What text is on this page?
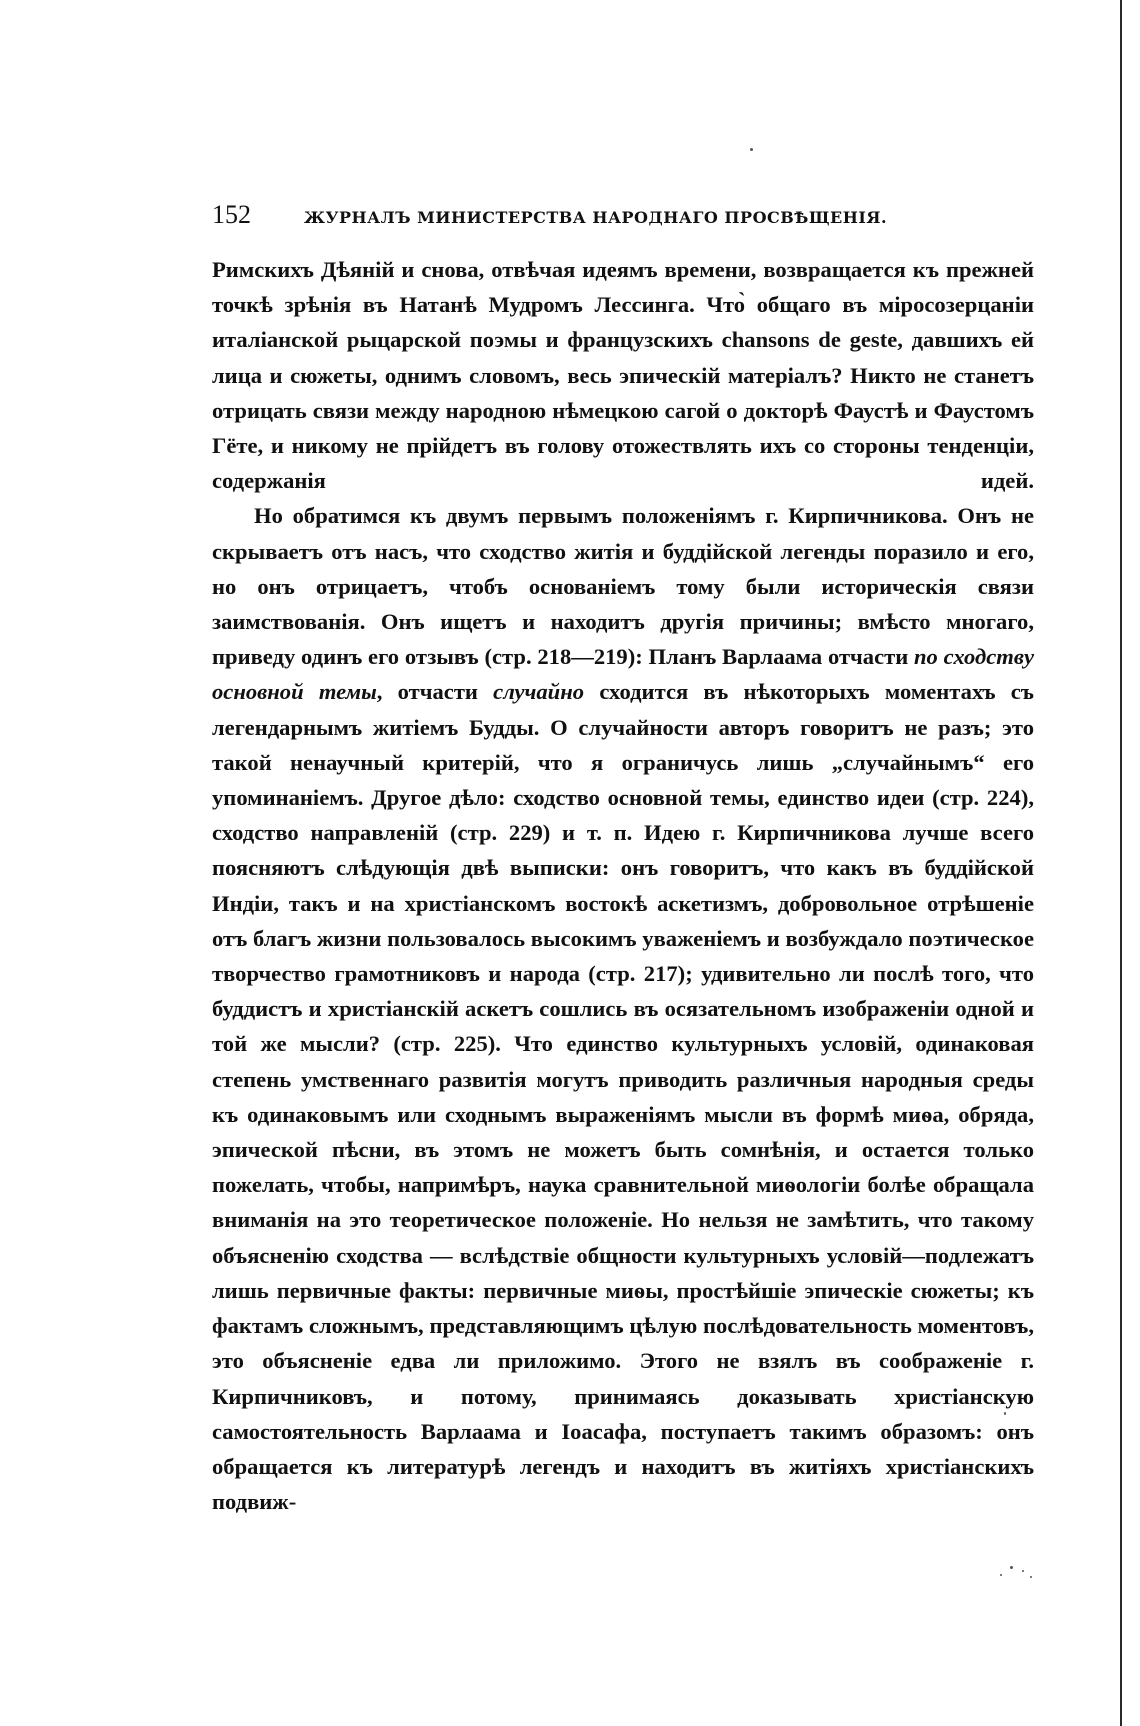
152	ЖУРНАЛЪ МИНИСТЕРСТВА НАРОДНАГО ПРОСВѢЩЕНІЯ.

Римскихъ Дѣяній и снова, отвѣчая идеямъ времени, возвращается къ прежней точкѣ зрѣнія въ Натанѣ Мудромъ Лессинга. Что̀ общаго въ міросозерцаніи италіанской рыцарской поэмы и французскихъ chansons de geste, давшихъ ей лица и сюжеты, однимъ словомъ, весь эпическій матеріалъ? Никто не станетъ отрицать связи между народною нѣмецкою сагой о докторѣ Фаустѣ и Фаустомъ Гёте, и никому не прійдетъ въ голову отожествлять ихъ со стороны тенденціи, содержанія идей.

Но обратимся къ двумъ первымъ положеніямъ г. Кирпичникова. Онъ не скрываетъ отъ насъ, что сходство житія и буддійской легенды поразило и его, но онъ отрицаетъ, чтобъ основаніемъ тому были историческія связи заимствованія. Онъ ищетъ и находитъ другія причины; вмѣсто многаго, приведу одинъ его отзывъ (стр. 218—219): Планъ Варлаама отчасти по сходству основной темы, отчасти случайно сходится въ нѣкоторыхъ моментахъ съ легендарнымъ житіемъ Будды. О случайности авторъ говоритъ не разъ; это такой ненаучный критерій, что я ограничусь лишь „случайнымъ“ его упоминаніемъ. Другое дѣло: сходство основной темы, единство идеи (стр. 224), сходство направленій (стр. 229) и т. п. Идею г. Кирпичникова лучше всего поясняютъ слѣдующія двѣ выписки: онъ говоритъ, что какъ въ буддійской Индіи, такъ и на христіанскомъ востокѣ аскетизмъ, добровольное отрѣшеніе отъ благъ жизни пользовалось высокимъ уваженіемъ и возбуждало поэтическое творчество грамотниковъ и народа (стр. 217); удивительно ли послѣ того, что буддистъ и христіанскій аскетъ сошлись въ осязательномъ изображеніи одной и той же мысли? (стр. 225). Что единство культурныхъ условій, одинаковая степень умственнаго развитія могутъ приводить различныя народныя среды къ одинаковымъ или сходнымъ выраженіямъ мысли въ формѣ миѳа, обряда, эпической пѣсни, въ этомъ не можетъ быть сомнѣнія, и остается только пожелать, чтобы, напримѣръ, наука сравнительной миѳологіи болѣе обращала вниманія на это теоретическое положеніе. Но нельзя не замѣтить, что такому объясненію сходства — вслѣдствіе общности культурныхъ условій—подлежатъ лишь первичные факты: первичные миѳы, простѣйшіе эпическіе сюжеты; къ фактамъ сложнымъ, представляющимъ цѣлую послѣдовательность моментовъ, это объясненіе едва ли приложимо. Этого не взялъ въ соображеніе г. Кирпичниковъ, и потому, принимаясь доказывать христіанскую самостоятельность Варлаама и Іоасафа, поступаетъ такимъ образомъ: онъ обращается къ литературѣ легендъ и находитъ въ житіяхъ христіанскихъ подвиж-
